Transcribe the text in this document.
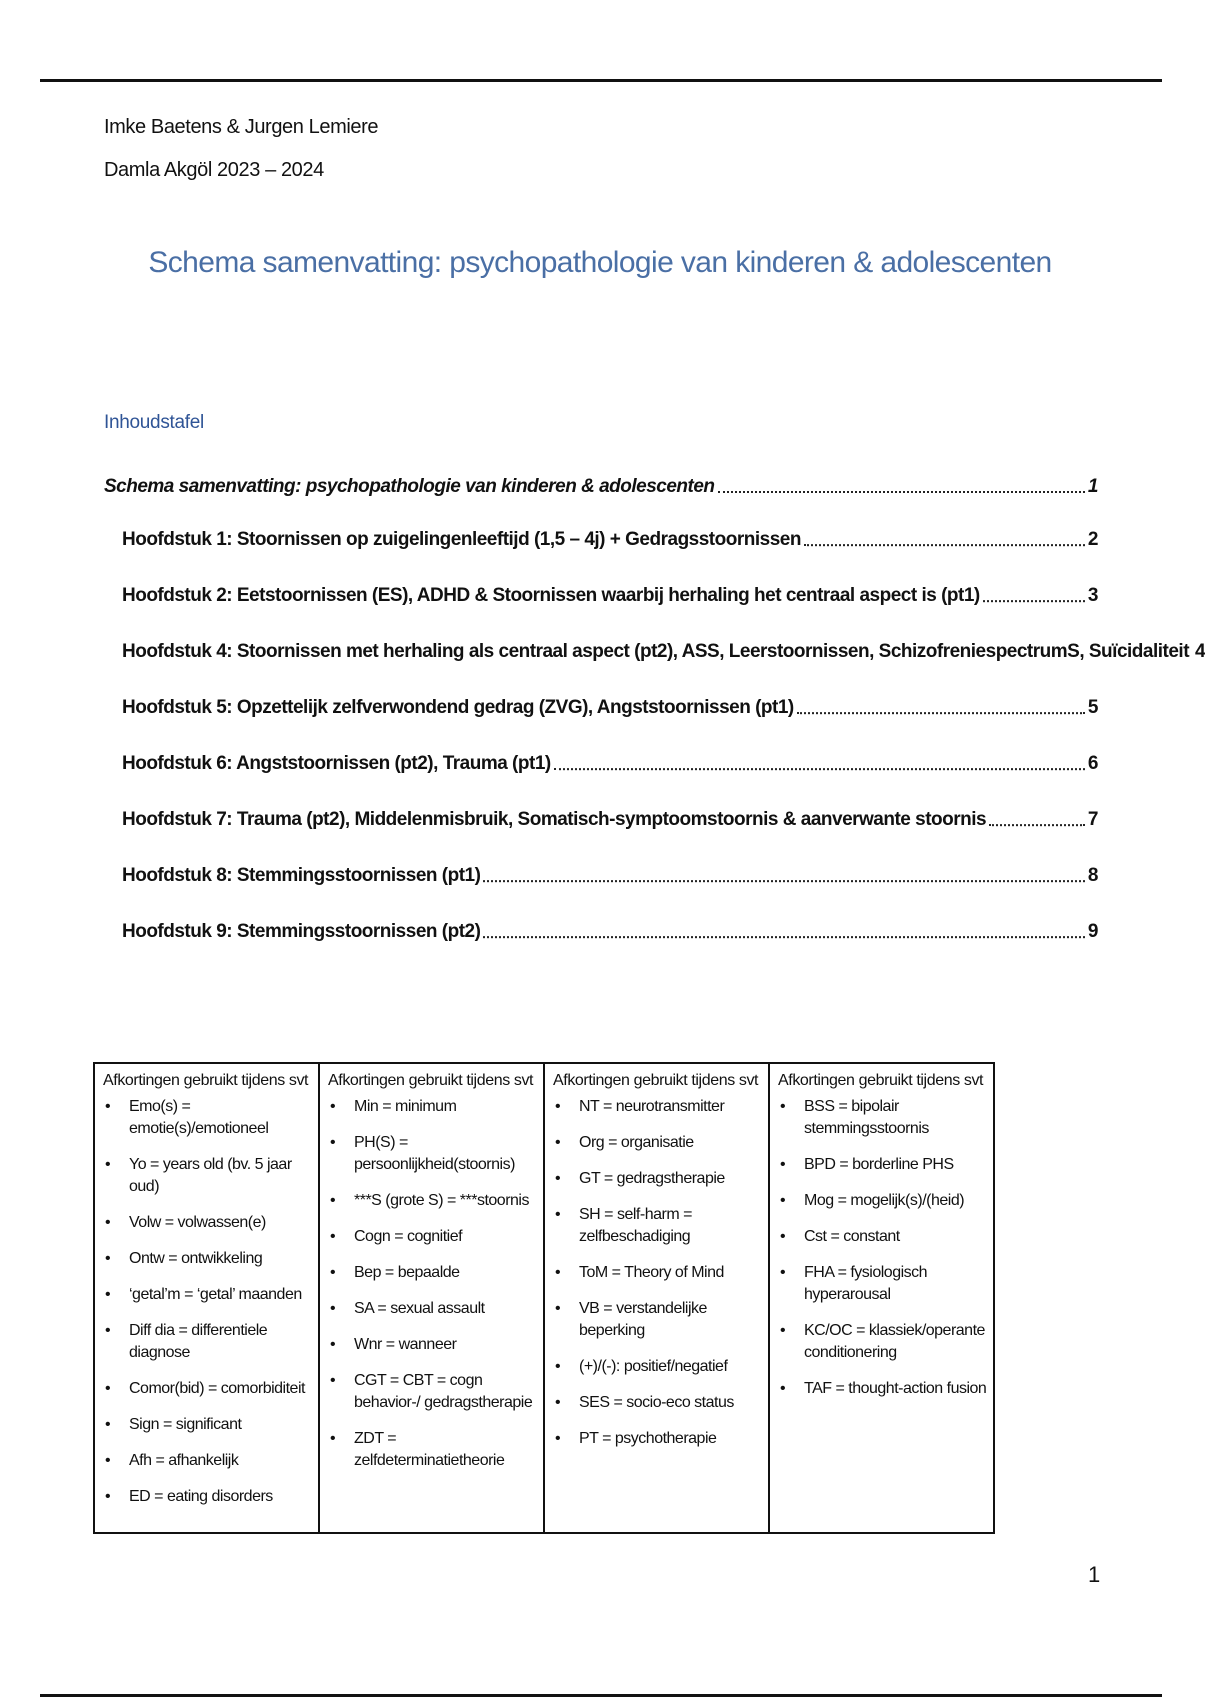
Imke Baetens & Jurgen Lemiere
Damla Akgöl 2023 – 2024
Schema samenvatting: psychopathologie van kinderen & adolescenten
Inhoudstafel
Schema samenvatting: psychopathologie van kinderen & adolescenten	1
Hoofdstuk 1: Stoornissen op zuigelingenleeftijd (1,5 – 4j) + Gedragsstoornissen	2
Hoofdstuk 2: Eetstoornissen (ES), ADHD & Stoornissen waarbij herhaling het centraal aspect is (pt1)	3
Hoofdstuk 4: Stoornissen met herhaling als centraal aspect (pt2), ASS, Leerstoornissen, SchizofreniespectrumS, Suïcidaliteit 4
Hoofdstuk 5: Opzettelijk zelfverwondend gedrag (ZVG), Angststoornissen (pt1)	5
Hoofdstuk 6: Angststoornissen (pt2), Trauma (pt1)	6
Hoofdstuk 7: Trauma (pt2), Middelenmisbruik, Somatisch-symptoomstoornis & aanverwante stoornis	7
Hoofdstuk 8: Stemmingsstoornissen (pt1)	8
Hoofdstuk 9: Stemmingsstoornissen (pt2)	9
Afkortingen gebruikt tijdens svt
• Emo(s) = emotie(s)/emotioneel
• Yo = years old (bv. 5 jaar oud)
• Volw = volwassen(e)
• Ontw = ontwikkeling
• ‘getal’m = ‘getal’ maanden
• Diff dia = differentiele diagnose
• Comor(bid) = comorbiditeit
• Sign = significant
• Afh = afhankelijk
• ED = eating disorders

Afkortingen gebruikt tijdens svt
• Min = minimum
• PH(S) = persoonlijkheid(stoornis)
• ***S (grote S) = ***stoornis
• Cogn = cognitief
• Bep = bepaalde
• SA = sexual assault
• Wnr = wanneer
• CGT = CBT = cogn behavior-/ gedragstherapie
• ZDT = zelfdeterminatietheorie

Afkortingen gebruikt tijdens svt
• NT = neurotransmitter
• Org = organisatie
• GT = gedragstherapie
• SH = self-harm = zelfbeschadiging
• ToM = Theory of Mind
• VB = verstandelijke beperking
• (+)/(-): positief/negatief
• SES = socio-eco status
• PT = psychotherapie

Afkortingen gebruikt tijdens svt
• BSS = bipolair stemmingsstoornis
• BPD = borderline PHS
• Mog = mogelijk(s)/(heid)
• Cst = constant
• FHA = fysiologisch hyperarousal
• KC/OC = klassiek/operante conditionering
• TAF = thought-action fusion
1
